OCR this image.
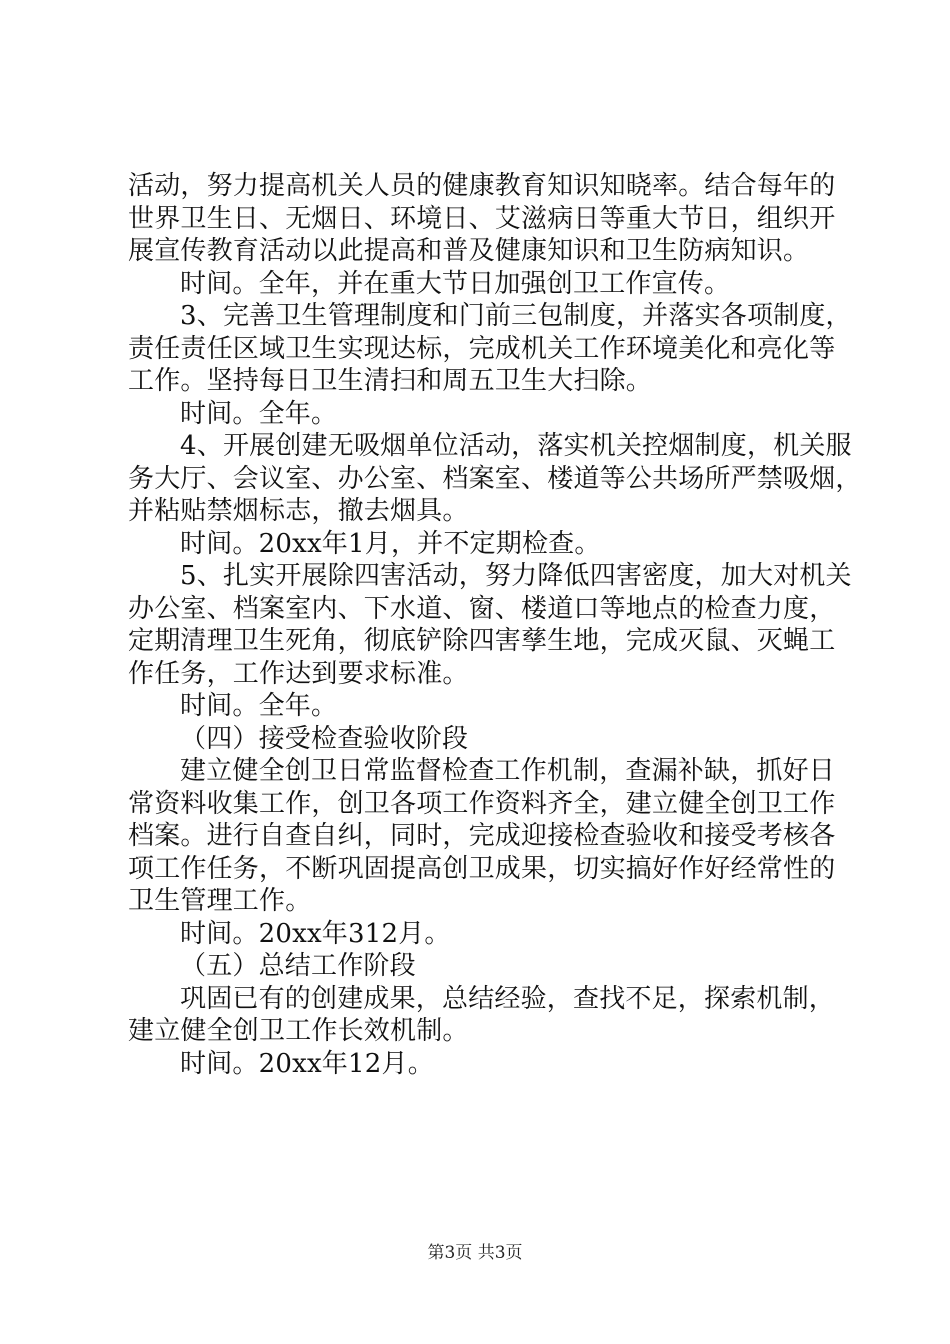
活动，努力提高机关人员的健康教育知识知晓率。结合每年的
世界卫生日、无烟日、环境日、艾滋病日等重大节日，组织开
展宣传教育活动以此提高和普及健康知识和卫生防病知识。
时间。全年，并在重大节日加强创卫工作宣传。
3、完善卫生管理制度和门前三包制度，并落实各项制度，
责任责任区域卫生实现达标，完成机关工作环境美化和亮化等
工作。坚持每日卫生清扫和周五卫生大扫除。
时间。全年。
4、开展创建无吸烟单位活动，落实机关控烟制度，机关服
务大厅、会议室、办公室、档案室、楼道等公共场所严禁吸烟，
并粘贴禁烟标志，撤去烟具。
时间。20xx年1月，并不定期检查。
5、扎实开展除四害活动，努力降低四害密度，加大对机关
办公室、档案室内、下水道、窗、楼道口等地点的检查力度，
定期清理卫生死角，彻底铲除四害孳生地，完成灭鼠、灭蝇工
作任务，工作达到要求标准。
时间。全年。
（四）接受检查验收阶段
建立健全创卫日常监督检查工作机制，查漏补缺，抓好日
常资料收集工作，创卫各项工作资料齐全，建立健全创卫工作
档案。进行自查自纠，同时，完成迎接检查验收和接受考核各
项工作任务，不断巩固提高创卫成果，切实搞好作好经常性的
卫生管理工作。
时间。20xx年312月。
（五）总结工作阶段
巩固已有的创建成果，总结经验，查找不足，探索机制，
建立健全创卫工作长效机制。
时间。20xx年12月。
第3页 共3页
